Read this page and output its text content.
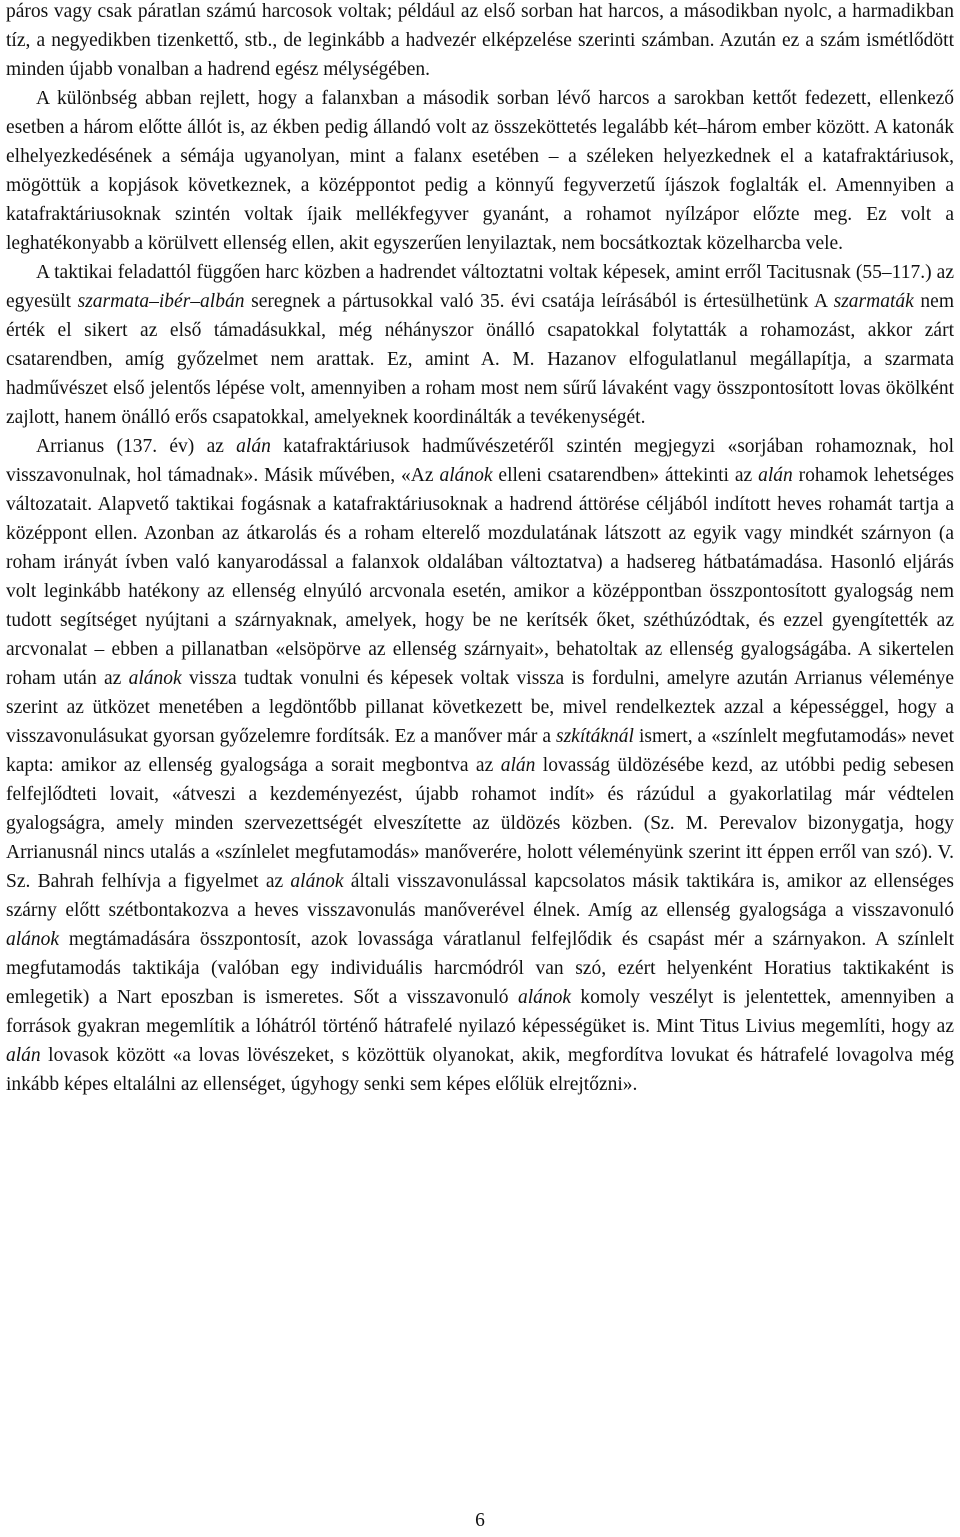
páros vagy csak páratlan számú harcosok voltak; például az első sorban hat harcos, a másodikban nyolc, a harmadikban tíz, a negyedikben tizenkettő, stb., de leginkább a hadvezér elképzelése szerinti számban. Azután ez a szám ismétlődött minden újabb vonalban a hadrend egész mélységében.

A különbség abban rejlett, hogy a falanxban a második sorban lévő harcos a sarokban kettőt fedezett, ellenkező esetben a három előtte állót is, az ékben pedig állandó volt az összeköttetés legalább két–három ember között. A katonák elhelyezkedésének a sémája ugyanolyan, mint a falanx esetében – a széleken helyezkednek el a katafraktáriusok, mögöttük a kopjások következnek, a középpontot pedig a könnyű fegyverzetű íjászok foglalták el. Amennyiben a katafraktáriusoknak szintén voltak íjaik mellékfegyver gyanánt, a rohamot nyílzápor előzte meg. Ez volt a leghatékonyabb a körülvett ellenség ellen, akit egyszerűen lenyilaztak, nem bocsátkoztak közelharcba vele.

A taktikai feladattól függően harc közben a hadrendet változtatni voltak képesek, amint erről Tacitusnak (55–117.) az egyesült szarmata–ibér–albán seregnek a pártusokkal való 35. évi csatája leírásából is értesülhetünk A szarmaták nem érték el sikert az első támadásukkal, még néhányszor önálló csapatokkal folytatták a rohamozást, akkor zárt csatarendben, amíg győzelmet nem arattak. Ez, amint A. M. Hazanov elfogulatlanul megállapítja, a szarmata hadművészet első jelentős lépése volt, amennyiben a roham most nem sűrű lávaként vagy összpontosított lovas ökölként zajlott, hanem önálló erős csapatokkal, amelyeknek koordinálták a tevékenységét.

Arrianus (137. év) az alán katafraktáriusok hadművészetéről szintén megjegyzi «sorjában rohamoznak, hol visszavonulnak, hol támadnak». Másik művében, «Az alánok elleni csatarendben» áttekinti az alán rohamok lehetséges változatait. Alapvető taktikai fogásnak a katafraktáriusoknak a hadrend áttörése céljából indított heves rohamát tartja a középpont ellen. Azonban az átkarolás és a roham elterelő mozdulatának látszott az egyik vagy mindkét szárnyon (a roham irányát ívben való kanyarodással a falanxok oldalában változtatva) a hadsereg hátbatámadása. Hasonló eljárás volt leginkább hatékony az ellenség elnyúló arcvonala esetén, amikor a középpontban összpontosított gyalogság nem tudott segítséget nyújtani a szárnyaknak, amelyek, hogy be ne kerítsék őket, széthúzódtak, és ezzel gyengítették az arcvonalat – ebben a pillanatban «elsöpörve az ellenség szárnyait», behatoltak az ellenség gyalogságába. A sikertelen roham után az alánok vissza tudtak vonulni és képesek voltak vissza is fordulni, amelyre azután Arrianus véleménye szerint az ütközet menetében a legdöntőbb pillanat következett be, mivel rendelkeztek azzal a képességgel, hogy a visszavonulásukat gyorsan győzelemre fordítsák. Ez a manőver már a szkítáknál ismert, a «színlelt megfutamodás» nevet kapta: amikor az ellenség gyalogsága a sorait megbontva az alán lovasság üldözésébe kezd, az utóbbi pedig sebesen felfejlődteti lovait, «átveszi a kezdeményezést, újabb rohamot indít» és rázúdul a gyakorlatilag már védtelen gyalogságra, amely minden szervezettségét elveszítette az üldözés közben. (Sz. M. Perevalov bizonygatja, hogy Arrianusnál nincs utalás a «színlelet megfutamodás» manőverére, holott véleményünk szerint itt éppen erről van szó). V. Sz. Bahrah felhívja a figyelmet az alánok általi visszavonulással kapcsolatos másik taktikára is, amikor az ellenséges szárny előtt szétbontakozva a heves visszavonulás manőverével élnek. Amíg az ellenség gyalogsága a visszavonuló alánok megtámadására összpontosít, azok lovassága váratlanul felfejlődik és csapást mér a szárnyakon. A színlelt megfutamodás taktikája (valóban egy individuális harcmódról van szó, ezért helyenként Horatius taktikaként is emlegetik) a Nart eposzban is ismeretes. Sőt a visszavonuló alánok komoly veszélyt is jelentettek, amennyiben a források gyakran megemlítik a lóhátról történő hátrafelé nyilazó képességüket is. Mint Titus Livius megemlíti, hogy az alán lovasok között «a lovas lövészeket, s közöttük olyanokat, akik, megfordítva lovukat és hátrafelé lovagolva még inkább képes eltalálni az ellenséget, úgyhogy senki sem képes előlük elrejtőzni».

6
